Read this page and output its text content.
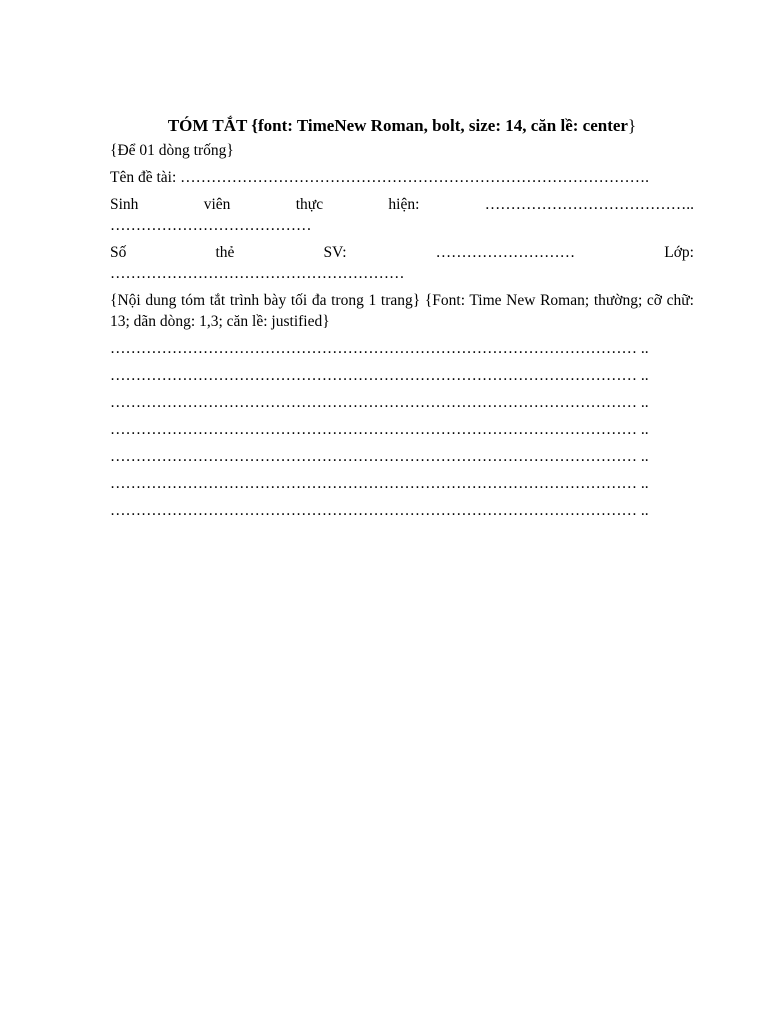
TÓM TẮT {font: TimeNew Roman, bolt, size: 14, căn lề: center}

{Để 01 dòng trống}

Tên đề tài: ……………………………………………………………………………….

Sinh	viên	thực	hiện:	…………………………………..

…………………………………

Số	thẻ	SV:	………………………	Lớp:

…………………………………………………

{Nội dung tóm tắt trình bày tối đa trong 1 trang} {Font: Time New Roman; thường; cỡ chữ: 13; dãn dòng: 1,3; căn lề: justified}

………………………………………………………………………………………… ..

………………………………………………………………………………………… ..

………………………………………………………………………………………… ..

………………………………………………………………………………………… ..

………………………………………………………………………………………… ..

………………………………………………………………………………………… ..

………………………………………………………………………………………… ..
